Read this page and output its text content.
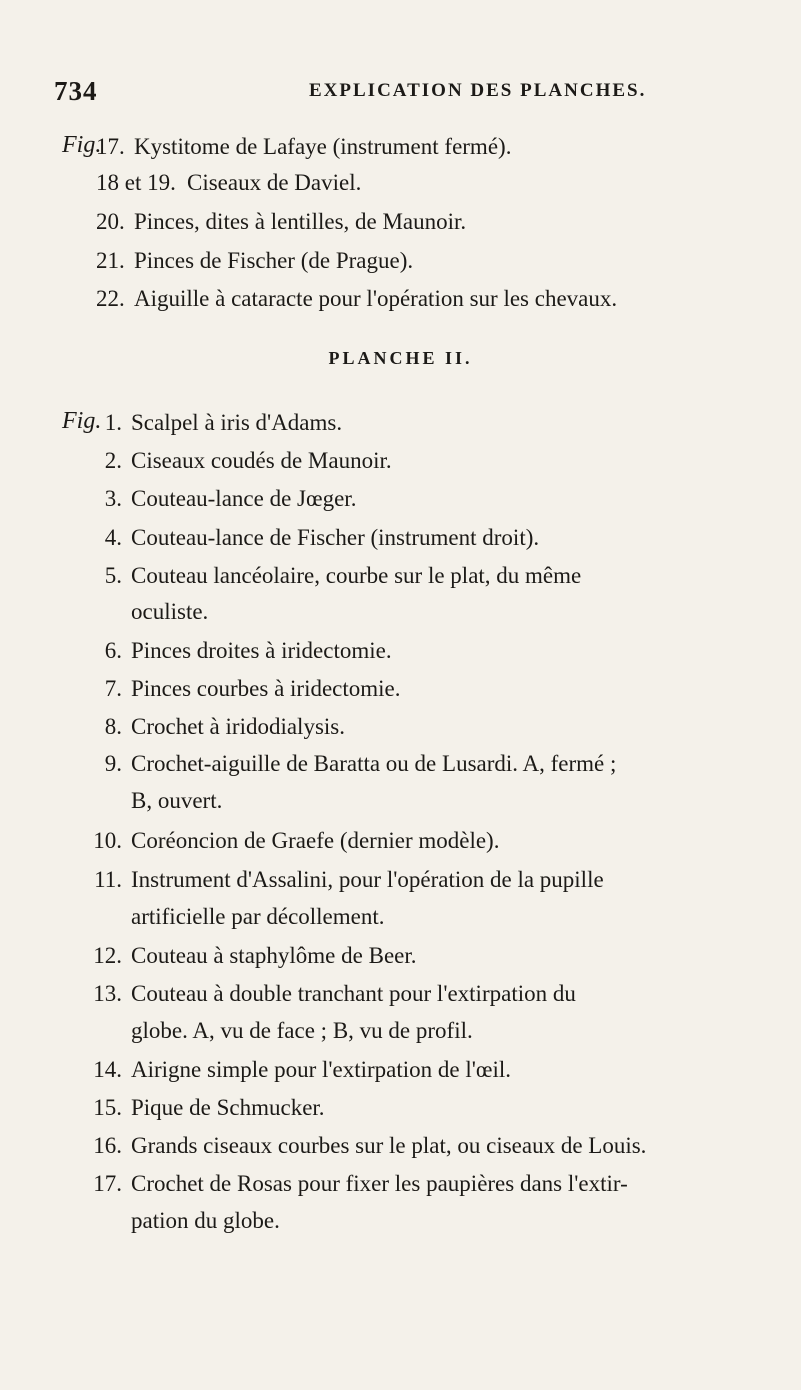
734	EXPLICATION DES PLANCHES.
Fig.
17. Kystitome de Lafaye (instrument fermé).
18 et 19. Ciseaux de Daviel.
20. Pinces, dites à lentilles, de Maunoir.
21. Pinces de Fischer (de Prague).
22. Aiguille à cataracte pour l'opération sur les chevaux.
PLANCHE II.
Fig. 1. Scalpel à iris d'Adams.
2. Ciseaux coudés de Maunoir.
3. Couteau-lance de Jœger.
4. Couteau-lance de Fischer (instrument droit).
5. Couteau lancéolaire, courbe sur le plat, du même
oculiste.
6. Pinces droites à iridectomie.
7. Pinces courbes à iridectomie.
8. Crochet à iridodialysis.
9. Crochet-aiguille de Baratta ou de Lusardi. A, fermé ;
B, ouvert.
10. Coréoncion de Graefe (dernier modèle).
11. Instrument d'Assalini, pour l'opération de la pupille
artificielle par décollement.
12. Couteau à staphylôme de Beer.
13. Couteau à double tranchant pour l'extirpation du
globe. A, vu de face ; B, vu de profil.
14. Airigne simple pour l'extirpation de l'œil.
15. Pique de Schmucker.
16. Grands ciseaux courbes sur le plat, ou ciseaux de Louis.
17. Crochet de Rosas pour fixer les paupières dans l'extir-
pation du globe.
